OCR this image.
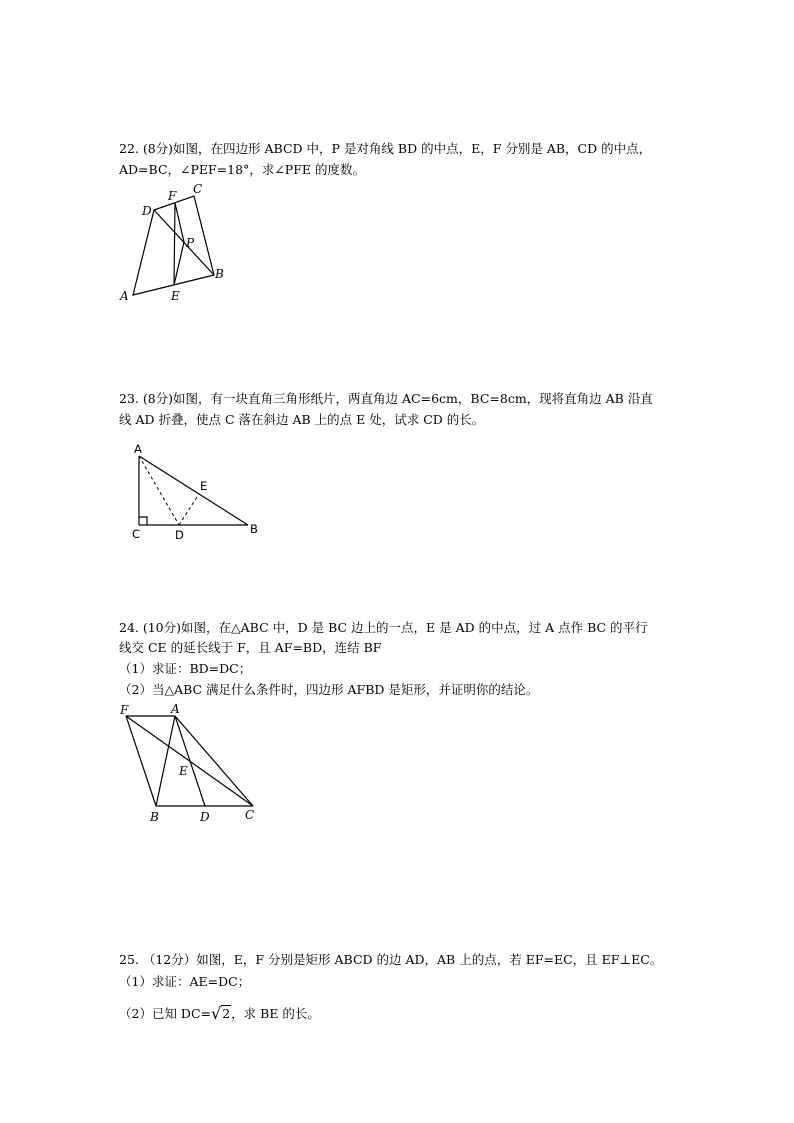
22. (8分)如图，在四边形 ABCD 中，P 是对角线 BD 的中点，E，F 分别是 AB，CD 的中点，
AD=BC，∠PEF=18°，求∠PFE 的度数。
A
B
C
D
E
F
P
23. (8分)如图，有一块直角三角形纸片，两直角边 AC=6cm，BC=8cm，现将直角边 AB 沿直
线 AD 折叠，使点 C 落在斜边 AB 上的点 E 处，试求 CD 的长。
A
B
C	D
E
24. (10分)如图，在△ABC 中，D 是 BC 边上的一点，E 是 AD 的中点，过 A 点作 BC 的平行
线交 CE 的延长线于 F，且 AF=BD，连结 BF
（1）求证：BD=DC；
（2）当△ABC 满足什么条件时，四边形 AFBD 是矩形，并证明你的结论。
F	A
E
B	D	C
25. （12分）如图，E，F 分别是矩形 ABCD 的边 AD，AB 上的点，若 EF=EC，且 EF⊥EC。
（1）求证：AE=DC；
（2）已知 DC=√2，求 BE 的长。
